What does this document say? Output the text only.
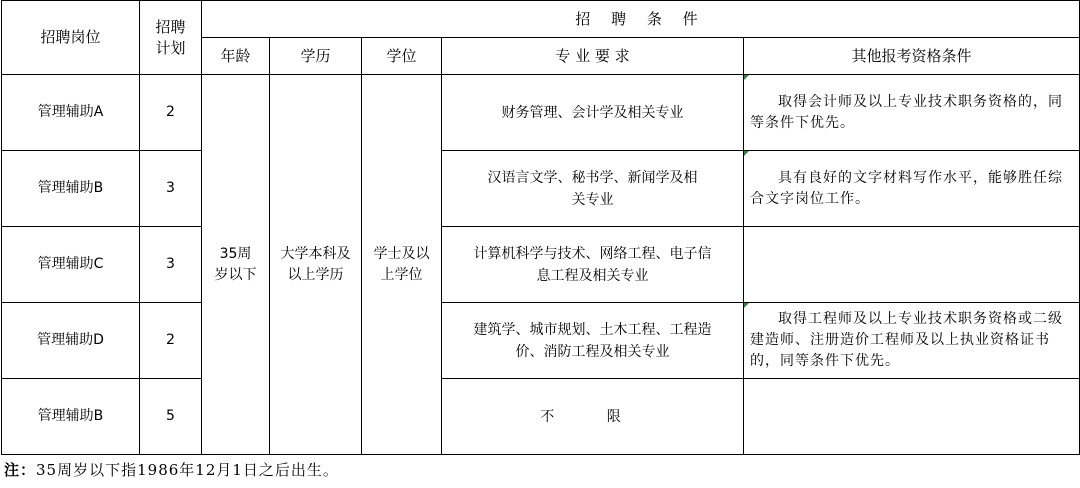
招聘岗位	招聘计划	招 聘 条 件				
		年龄	学历	学位	专 业 要 求	其他报考资格条件
管理辅助A	2	35周岁以下	大学本科及以上学历	学士及以上学位	财务管理、会计学及相关专业	取得会计师及以上专业技术职务资格的，同等条件下优先。

管理辅助B	3				汉语言文学、秘书学、新闻学及相关专业	具有良好的文字材料写作水平，能够胜任综合文字岗位工作。

管理辅助C	3				计算机科学与技术、网络工程、电子信息工程及相关专业	
管理辅助D	2				建筑学、城市规划、土木工程、工程造价、消防工程及相关专业	取得工程师及以上专业技术职务资格或二级建造师、注册造价工程师及以上执业资格证书的，同等条件下优先。

管理辅助B	5				不 限	
注：35周岁以下指1986年12月1日之后出生。
